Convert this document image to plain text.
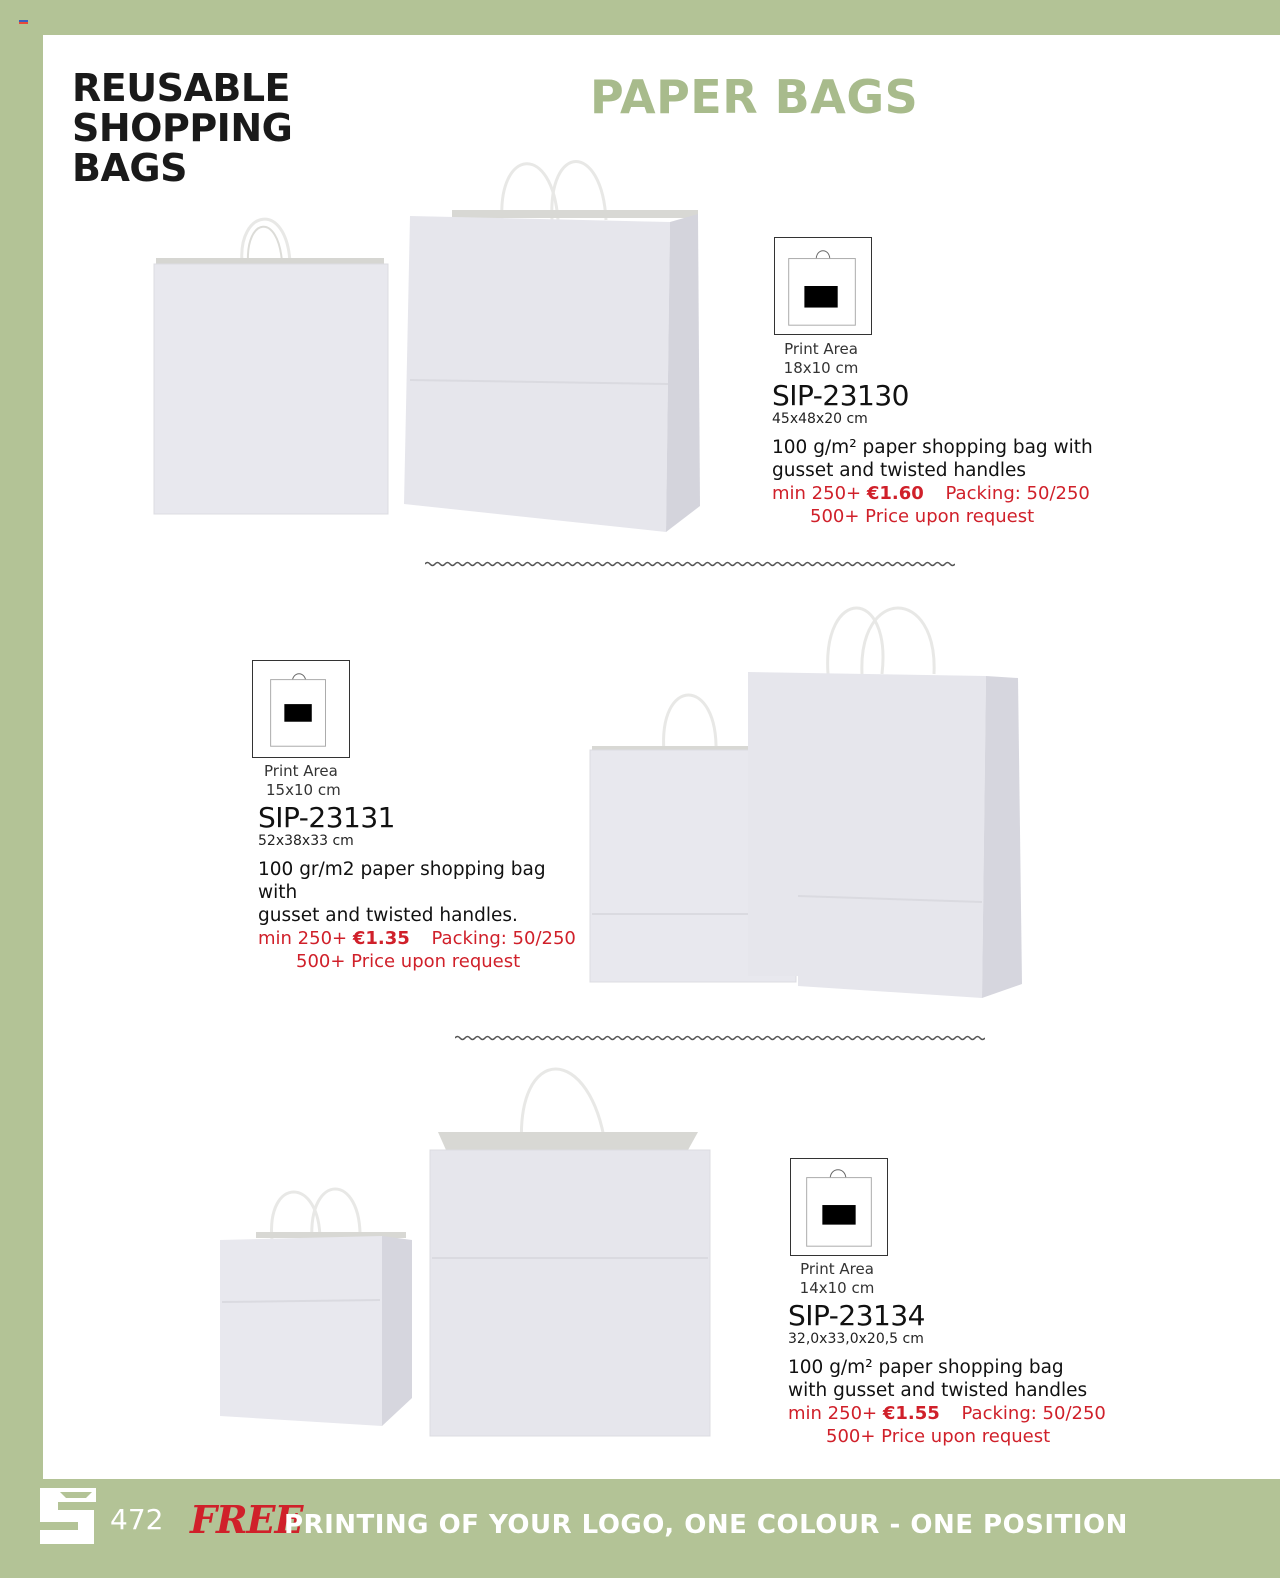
REUSABLE
SHOPPING
BAGS
PAPER BAGS
Print Area
18x10 cm
SIP-23130
45x48x20 cm
100 g/m² paper shopping bag with
gusset and twisted handles
min 250+ €1.60 Packing: 50/250
500+ Price upon request
Print Area
15x10 cm
SIP-23131
52x38x33 cm
100 gr/m2 paper shopping bag with
gusset and twisted handles.
min 250+ €1.35 Packing: 50/250
500+ Price upon request
Print Area
14x10 cm
SIP-23134
32,0x33,0x20,5 cm
100 g/m² paper shopping bag
with gusset and twisted handles
min 250+ €1.55 Packing: 50/250
500+ Price upon request
472 FREE
PRINTING OF YOUR LOGO, ONE COLOUR - ONE POSITION
